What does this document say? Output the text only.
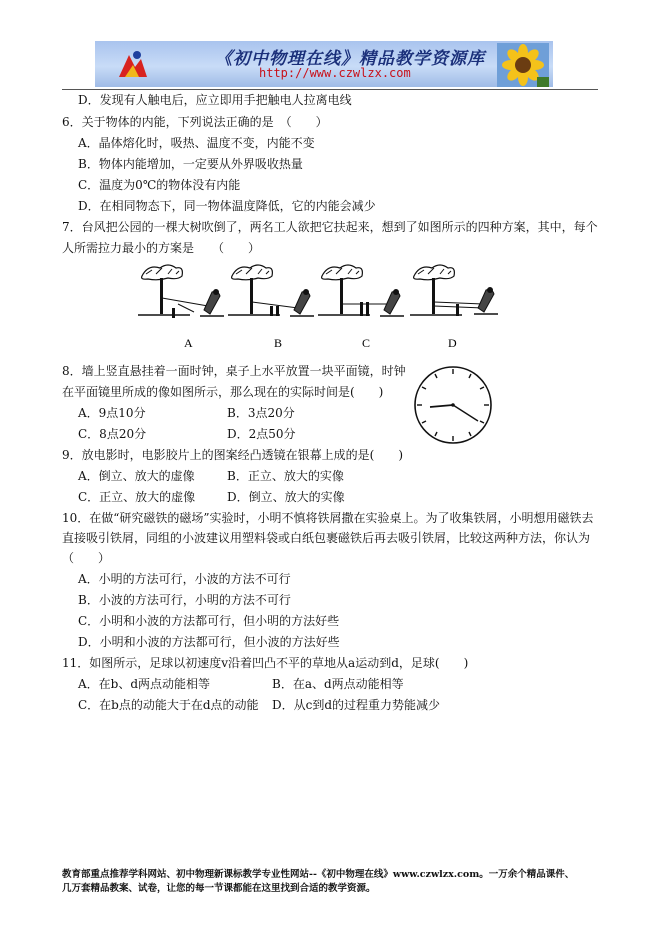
《初中物理在线》精品教学资源库
http://www.czwlzx.com
D．发现有人触电后，应立即用手把触电人拉离电线
6．关于物体的内能，下列说法正确的是　（　　）
A．晶体熔化时，吸热、温度不变，内能不变
B．物体内能增加，一定要从外界吸收热量
C．温度为0℃的物体没有内能
D．在相同物态下，同一物体温度降低，它的内能会减少
7．台风把公园的一棵大树吹倒了，两名工人欲把它扶起来，想到了如图所示的四种方案，其中，每个
人所需拉力最小的方案是　　（　　）
A	B	C	D
8．墙上竖直悬挂着一面时钟，桌子上水平放置一块平面镜，时钟
在平面镜里所成的像如图所示，那么现在的实际时间是(　　)
A．9点10分	B．3点20分
C．8点20分	D．2点50分
9．放电影时，电影胶片上的图案经凸透镜在银幕上成的是(　　)
A．倒立、放大的虚像	B．正立、放大的实像
C．正立、放大的虚像	D．倒立、放大的实像
10．在做“研究磁铁的磁场”实验时，小明不慎将铁屑撒在实验桌上。为了收集铁屑，小明想用磁铁去
直接吸引铁屑，同组的小波建议用塑料袋或白纸包裹磁铁后再去吸引铁屑，比较这两种方法，你认为
（　　）
A．小明的方法可行，小波的方法不可行
B．小波的方法可行，小明的方法不可行
C．小明和小波的方法都可行，但小明的方法好些
D．小明和小波的方法都可行，但小波的方法好些
11．如图所示，足球以初速度v沿着凹凸不平的草地从a运动到d，足球(　　)
A．在b、d两点动能相等	B．在a、d两点动能相等
C．在b点的动能大于在d点的动能 D．从c到d的过程重力势能减少
教育部重点推荐学科网站、初中物理新课标教学专业性网站--《初中物理在线》www.czwlzx.com。一万余个精品课件、
几万套精品教案、试卷，让您的每一节课都能在这里找到合适的教学资源。
